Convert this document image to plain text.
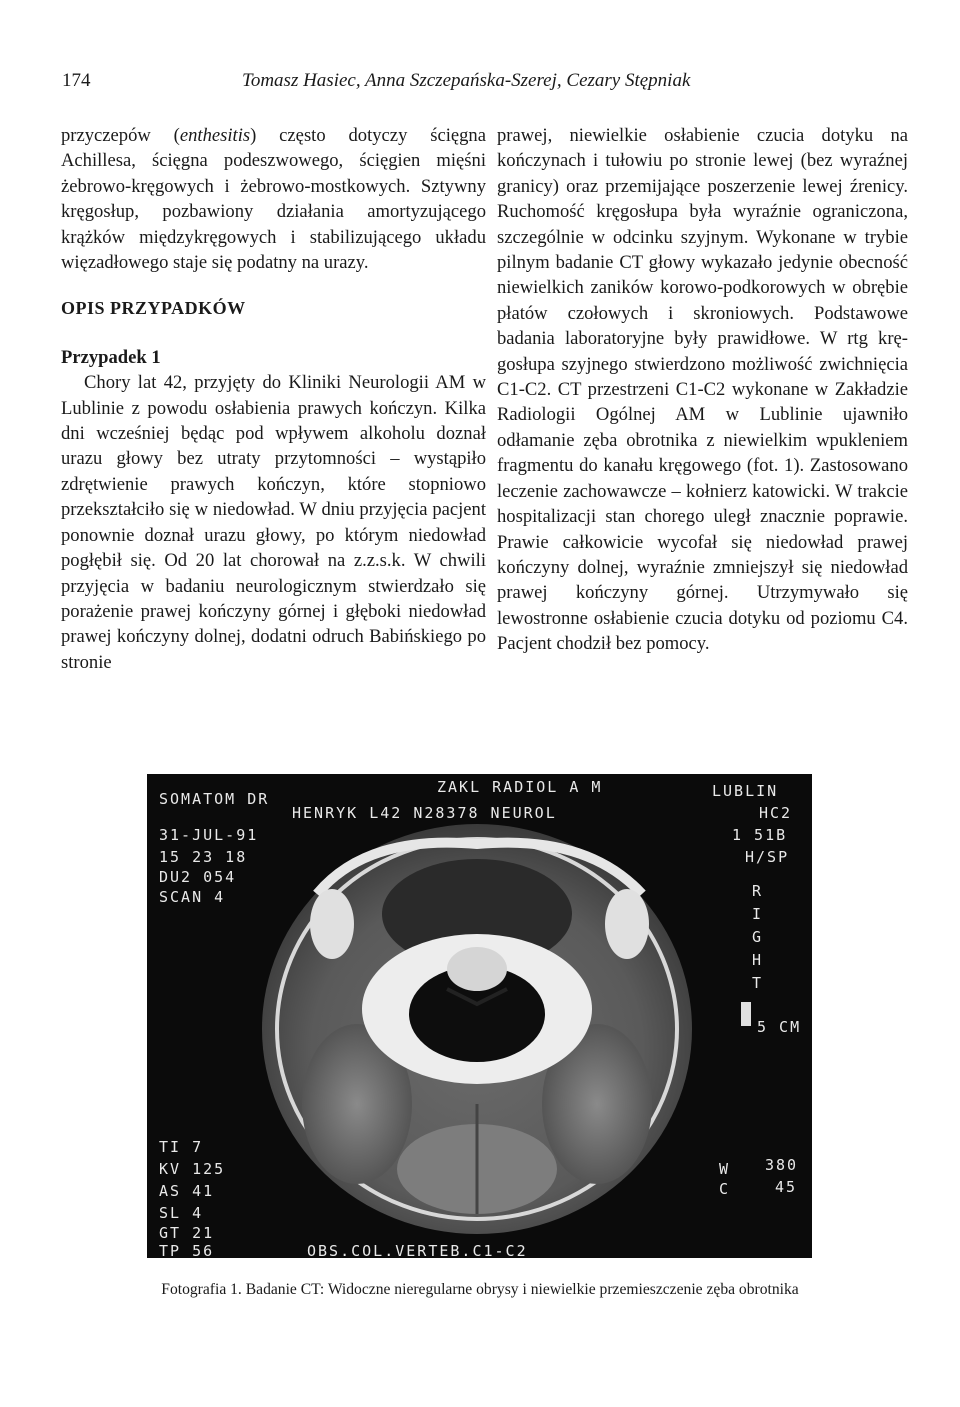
174	Tomasz Hasiec, Anna Szczepańska-Szerej, Cezary Stępniak

przyczepów (enthesitis) często dotyczy ścięgna Achillesa, ścięgna podeszwowego, ścięgien mięśni żebrowo-kręgowych i żebrowo-mostkowych. Sztywny kręgosłup, pozbawiony działania amortyzującego krążków międzykręgowych i stabilizującego układu więzadłowego staje się podatny na urazy.

OPIS PRZYPADKÓW

Przypadek 1

Chory lat 42, przyjęty do Kliniki Neurologii AM w Lublinie z powodu osłabienia prawych kończyn. Kilka dni wcześniej będąc pod wpływem alkoholu doznał urazu głowy bez utraty przytomności – wystąpiło zdrętwienie prawych kończyn, które stopniowo przekształciło się w niedowład. W dniu przyjęcia pacjent ponownie doznał urazu głowy, po którym niedowład pogłębił się. Od 20 lat chorował na z.z.s.k. W chwili przyjęcia w badaniu neurologicznym stwierdzało się porażenie prawej kończyny górnej i głęboki niedowład prawej kończyny dolnej, dodatni odruch Babińskiego po stronie

prawej, niewielkie osłabienie czucia dotyku na kończynach i tułowiu po stronie lewej (bez wyraźnej granicy) oraz przemijające poszerzenie lewej źrenicy. Ruchomość kręgosłupa była wyraźnie ograniczona, szczególnie w odcinku szyjnym. Wykonane w trybie pilnym badanie CT głowy wykazało jedynie obecność niewielkich zaników korowo-podkorowych w obrębie płatów czołowych i skroniowych. Podstawowe badania laboratoryjne były prawidłowe. W rtg kręgosłupa szyjnego stwierdzono możliwość zwichnięcia C1-C2. CT przestrzeni C1-C2 wykonane w Zakładzie Radiologii Ogólnej AM w Lublinie ujawniło odłamanie zęba obrotnika z niewielkim wpukleniem fragmentu do kanału kręgowego (fot. 1). Zastosowano leczenie zachowawcze – kołnierz katowicki. W trakcie hospitalizacji stan chorego uległ znacznie poprawie. Prawie całkowicie wycofał się niedowład prawej kończyny dolnej, wyraźnie zmniejszył się niedowład prawej kończyny górnej. Utrzymywało się lewostronne osłabienie czucia dotyku od poziomu C4. Pacjent chodził bez pomocy.

SOMATOM DR
ZAKL RADIOL A M	LUBLIN
HENRYK L42 N28378 NEUROL	HC2
31-JUL-91	1 51B
15 23 18	H/SP
DU2 054
SCAN 4	R
I
G
H
T
5 CM
TI 7
KV 125
AS 41
SL 4
GT 21
TP 56
W 380
C	45
OBS.COL.VERTEB.C1-C2
Fotografia 1. Badanie CT: Widoczne nieregularne obrysy i niewielkie przemieszczenie zęba obrotnika
